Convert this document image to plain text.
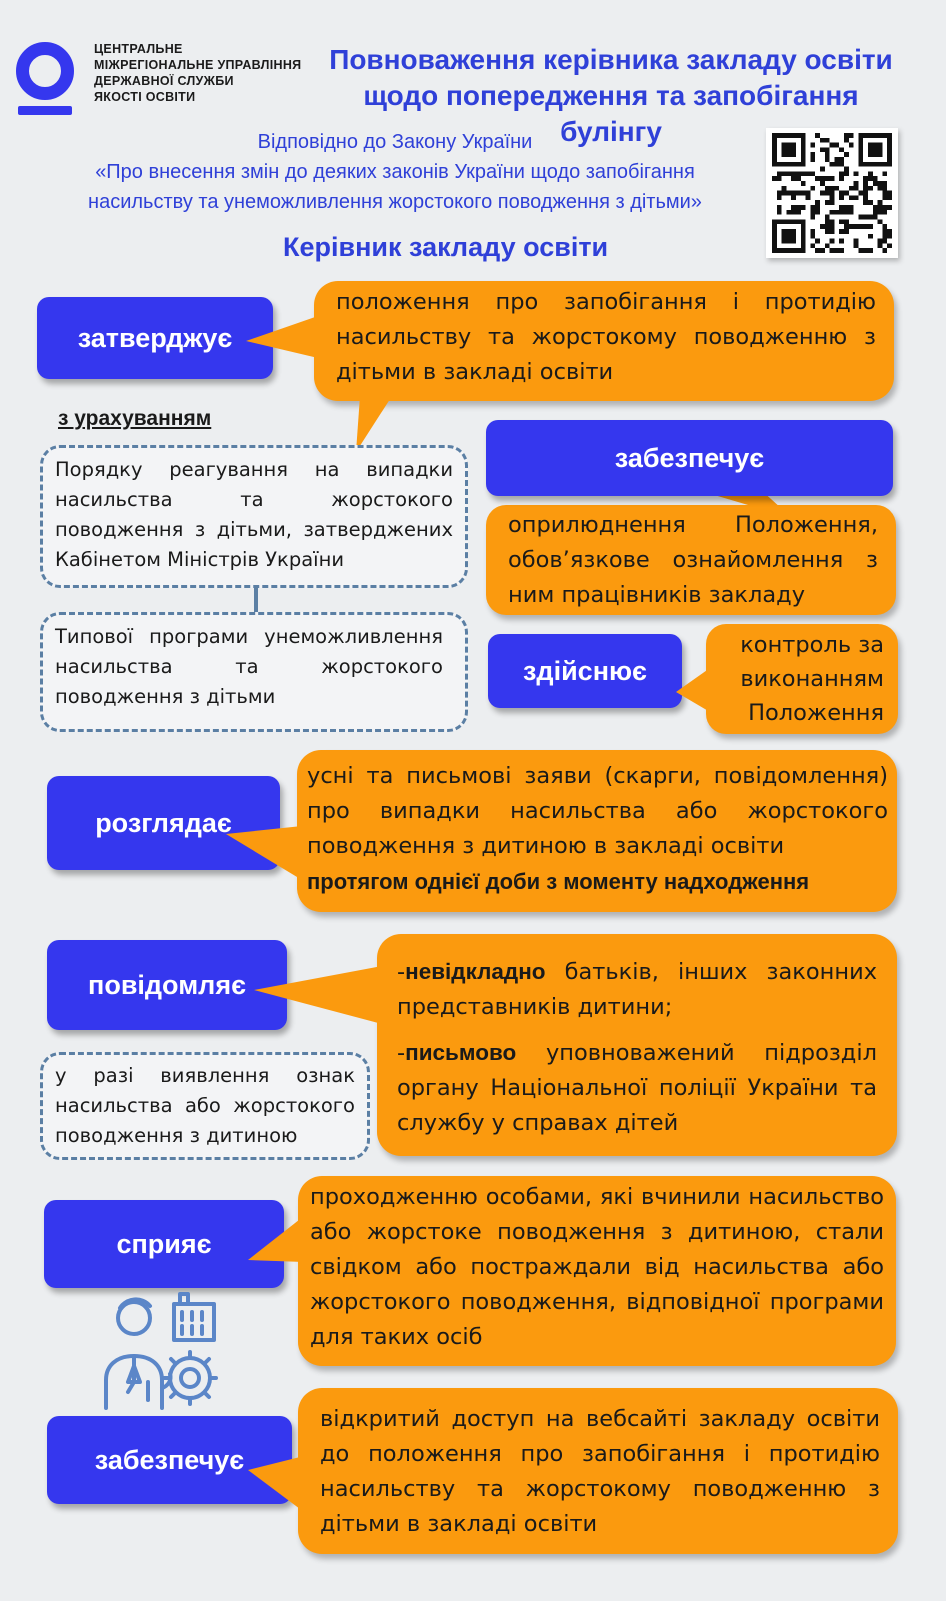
ЦЕНТРАЛЬНЕ
МІЖРЕГІОНАЛЬНЕ УПРАВЛІННЯ
ДЕРЖАВНОЇ СЛУЖБИ
ЯКОСТІ ОСВІТИ
Повноваження керівника закладу освіти
щодо попередження та запобігання булінгу
Відповідно до Закону України
«Про внесення змін до деяких законів України щодо запобігання
насильству та унеможливлення жорстокого поводження з дітьми»
Керівник закладу освіти
затверджує
положення про запобігання і протидію насильству та жорстокому поводженню з дітьми в закладі освіти
з урахуванням
Порядку реагування на випадки насильства та жорстокого поводження з дітьми, затверджених Кабінетом Міністрів України
Типової програми унеможливлення насильства та жорстокого поводження з дітьми
оприлюднення Положення, обов’язкове ознайомлення з ним працівників закладу
забезпечує
здійснює
контроль за
виконанням
Положення
розглядає
усні та письмові заяви (скарги, повідомлення) про випадки насильства або жорстокого поводження з дитиною в закладі освіти
протягом однієї доби з моменту надходження
повідомляє	-невідкладно батьків, інших законних представників дитини;
-письмово уповноважений підрозділ органу Національної поліції України та службу у справах дітей
у разі виявлення ознак насильства або жорстокого поводження з дитиною
сприяє
проходженню особами, які вчинили насильство або жорстоке поводження з дитиною, стали свідком або постраждали від насильства або жорстокого поводження, відповідної програми для таких осіб
забезпечує
відкритий доступ на вебсайті закладу освіти до положення про запобігання і протидію насильству та жорстокому поводженню з дітьми в закладі освіти
